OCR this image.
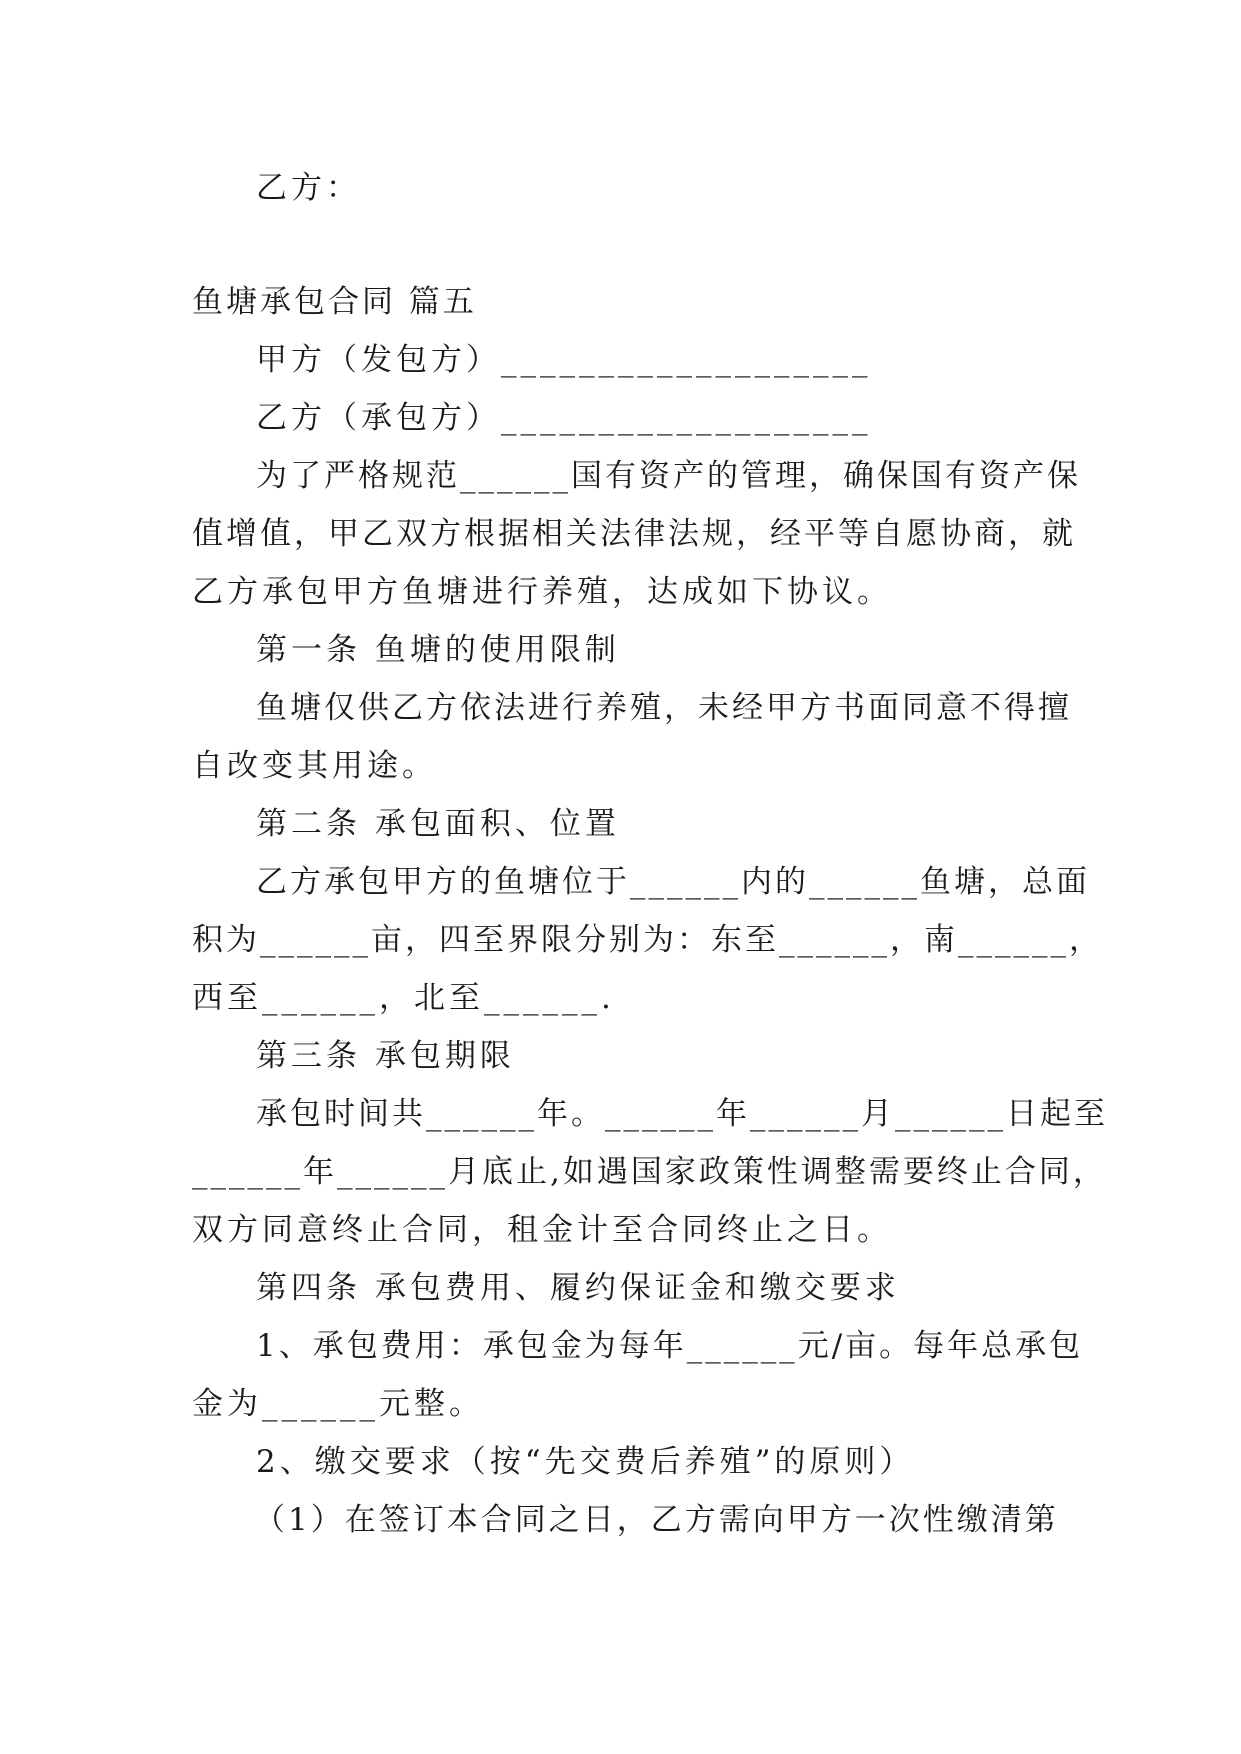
乙方：

鱼塘承包合同 篇五

甲方（发包方）___________________

乙方（承包方）___________________

为了严格规范______国有资产的管理，确保国有资产保

值增值，甲乙双方根据相关法律法规，经平等自愿协商，就

乙方承包甲方鱼塘进行养殖，达成如下协议。

第一条 鱼塘的使用限制

鱼塘仅供乙方依法进行养殖，未经甲方书面同意不得擅

自改变其用途。

第二条 承包面积、位置

乙方承包甲方的鱼塘位于______内的______鱼塘，总面

积为______亩，四至界限分别为：东至______，南______，

西至______，北至______.

第三条 承包期限

承包时间共______年。______年______月______日起至

______年______月底止,如遇国家政策性调整需要终止合同，

双方同意终止合同，租金计至合同终止之日。

第四条 承包费用、履约保证金和缴交要求

1、承包费用：承包金为每年______元/亩。每年总承包

金为______元整。

2、缴交要求（按“先交费后养殖”的原则）

（1）在签订本合同之日，乙方需向甲方一次性缴清第
